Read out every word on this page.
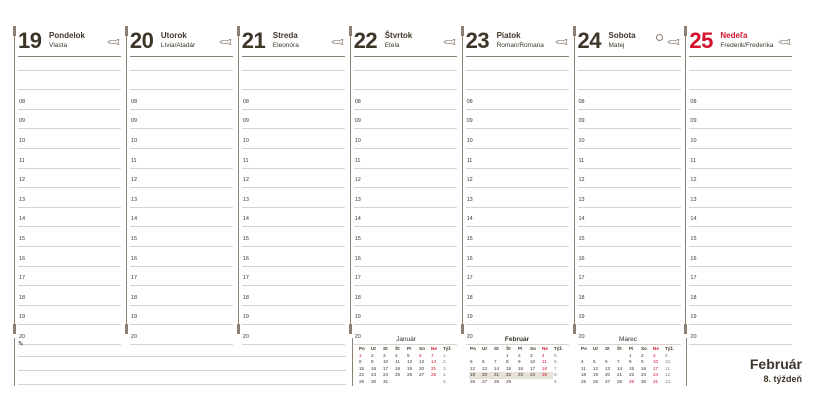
19 Pondelok
Vlasta
08
09
10
11
12
13
14
15
16
17
18
19
20
20 Utorok
Lívia/Aladár
08
09
10
11
12
13
14
15
16
17
18
19
20
21 Streda
Eleonóra
08
09
10
11
12
13
14
15
16
17
18
19
20
22 Štvrtok
Etela
08
09
10
11
12
13
14
15
16
17
18
19
20
23 Piatok
Roman/Romana
08
09
10
11
12
13
14
15
16
17
18
19
20
24 Sobota
Matej
08
09
10
11
12
13
14
15
16
17
18
19
20
25 Nedeľa
Frederik/Frederika
08
09
10
11
12
13
14
15
16
17
18
19
20
✎
Január
Po	Ut	St	Št	Pi	So	Ne	Týž.
1	2	3	4	5	6	7	1.
8	9	10	11	12	13	14	2.
15	16	17	18	19	20	21	3.
22	23	24	25	26	27	28	4.
29	30	31					5.
Február
Po	Ut	St	Št	Pi	So	Ne	Týž.
			1	2	3	4	5.
5	6	7	8	9	10	11	6.
12	13	14	15	16	17	18	7.
19	20	21	22	23	24	25	8.
26	27	28	29				9.
Marec
Po	Ut	St	Št	Pi	So	Ne	Týž.
				1	2	3	9.
4	5	6	7	8	9	10	10.
11	12	13	14	15	16	17	11.
18	19	20	21	22	23	24	12.
25	26	27	28	29	30	31	13.
Február
8. týždeň
